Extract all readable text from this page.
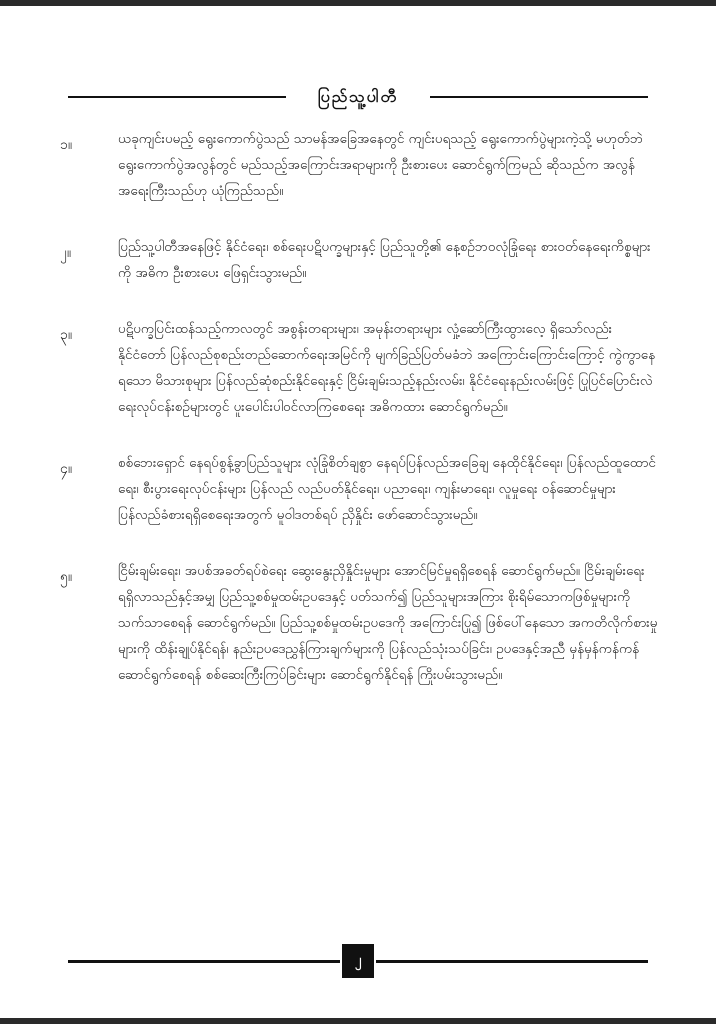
ပြည်သူ့ပါတီ
၁။	ယခုကျင်းပမည့် ရွေးကောက်ပွဲသည် သာမန်အခြေအနေတွင် ကျင်းပရသည့် ရွေးကောက်ပွဲများကဲ့သို့ မဟုတ်ဘဲ ရွေးကောက်ပွဲအလွန်တွင် မည်သည့်အကြောင်းအရာများကို ဦးစားပေး ဆောင်ရွက်ကြမည် ဆိုသည်က အလွန်အရေးကြီးသည်ဟု ယုံကြည်သည်။
၂။	ပြည်သူ့ပါတီအနေဖြင့် နိုင်ငံရေး၊ စစ်ရေးပဋိပက္ခများနှင့် ပြည်သူတို့၏ နေ့စဉ်ဘဝလုံခြုံရေး စားဝတ်နေရေးကိစ္စများကို အဓိက ဦးစားပေး ဖြေရှင်းသွားမည်။
၃။	ပဋိပက္ခပြင်းထန်သည့်ကာလတွင် အစွန်းတရားများ၊ အမုန်းတရားများ လှုံ့ဆော်ကြီးထွားလေ့ ရှိသော်လည်း နိုင်ငံတော် ပြန်လည်စုစည်းတည်ဆောက်ရေးအမြင်ကို မျက်ခြည်ပြတ်မခံဘဲ အကြောင်းကြောင်းကြောင့် ကွဲကွာနေရသော မိသားစုများ ပြန်လည်ဆုံစည်းနိုင်ရေးနှင့် ငြိမ်းချမ်းသည့်နည်းလမ်း၊ နိုင်ငံရေးနည်းလမ်းဖြင့် ပြုပြင်ပြောင်းလဲရေးလုပ်ငန်းစဉ်များတွင် ပူးပေါင်းပါဝင်လာကြစေရေး အဓိကထား ဆောင်ရွက်မည်။
၄။	စစ်ဘေးရှောင် နေရပ်စွန့်ခွာပြည်သူများ လုံခြုံစိတ်ချစွာ နေရပ်ပြန်လည်အခြေချ နေထိုင်နိုင်ရေး၊ ပြန်လည်ထူထောင်ရေး၊ စီးပွားရေးလုပ်ငန်းများ ပြန်လည် လည်ပတ်နိုင်ရေး၊ ပညာရေး၊ ကျန်းမာရေး၊ လူမှုရေး ဝန်ဆောင်မှုများ ပြန်လည်ခံစားရရှိစေရေးအတွက် မူဝါဒတစ်ရပ် ညှိနှိုင်း ဖော်ဆောင်သွားမည်။
၅။	ငြိမ်းချမ်းရေး၊ အပစ်အခတ်ရပ်စဲရေး ဆွေးနွေးညှိနှိုင်းမှုများ အောင်မြင်မှုရရှိစေရန် ဆောင်ရွက်မည်။ ငြိမ်းချမ်းရေး ရရှိလာသည်နှင့်အမျှ ပြည်သူ့စစ်မှုထမ်းဥပဒေနှင့် ပတ်သက်၍ ပြည်သူများအကြား စိုးရိမ်သောကဖြစ်မှုများကို သက်သာစေရန် ဆောင်ရွက်မည်။ ပြည်သူ့စစ်မှုထမ်းဥပဒေကို အကြောင်းပြု၍ ဖြစ်ပေါ်နေသော အကတိလိုက်စားမှုများကို ထိန်းချုပ်နိုင်ရန်၊ နည်းဥပဒေညွှန်ကြားချက်များကို ပြန်လည်သုံးသပ်ခြင်း၊ ဥပဒေနှင့်အညီ မှန်မှန်ကန်ကန် ဆောင်ရွက်စေရန် စစ်ဆေးကြီးကြပ်ခြင်းများ ဆောင်ရွက်နိုင်ရန် ကြိုးပမ်းသွားမည်။
၂
